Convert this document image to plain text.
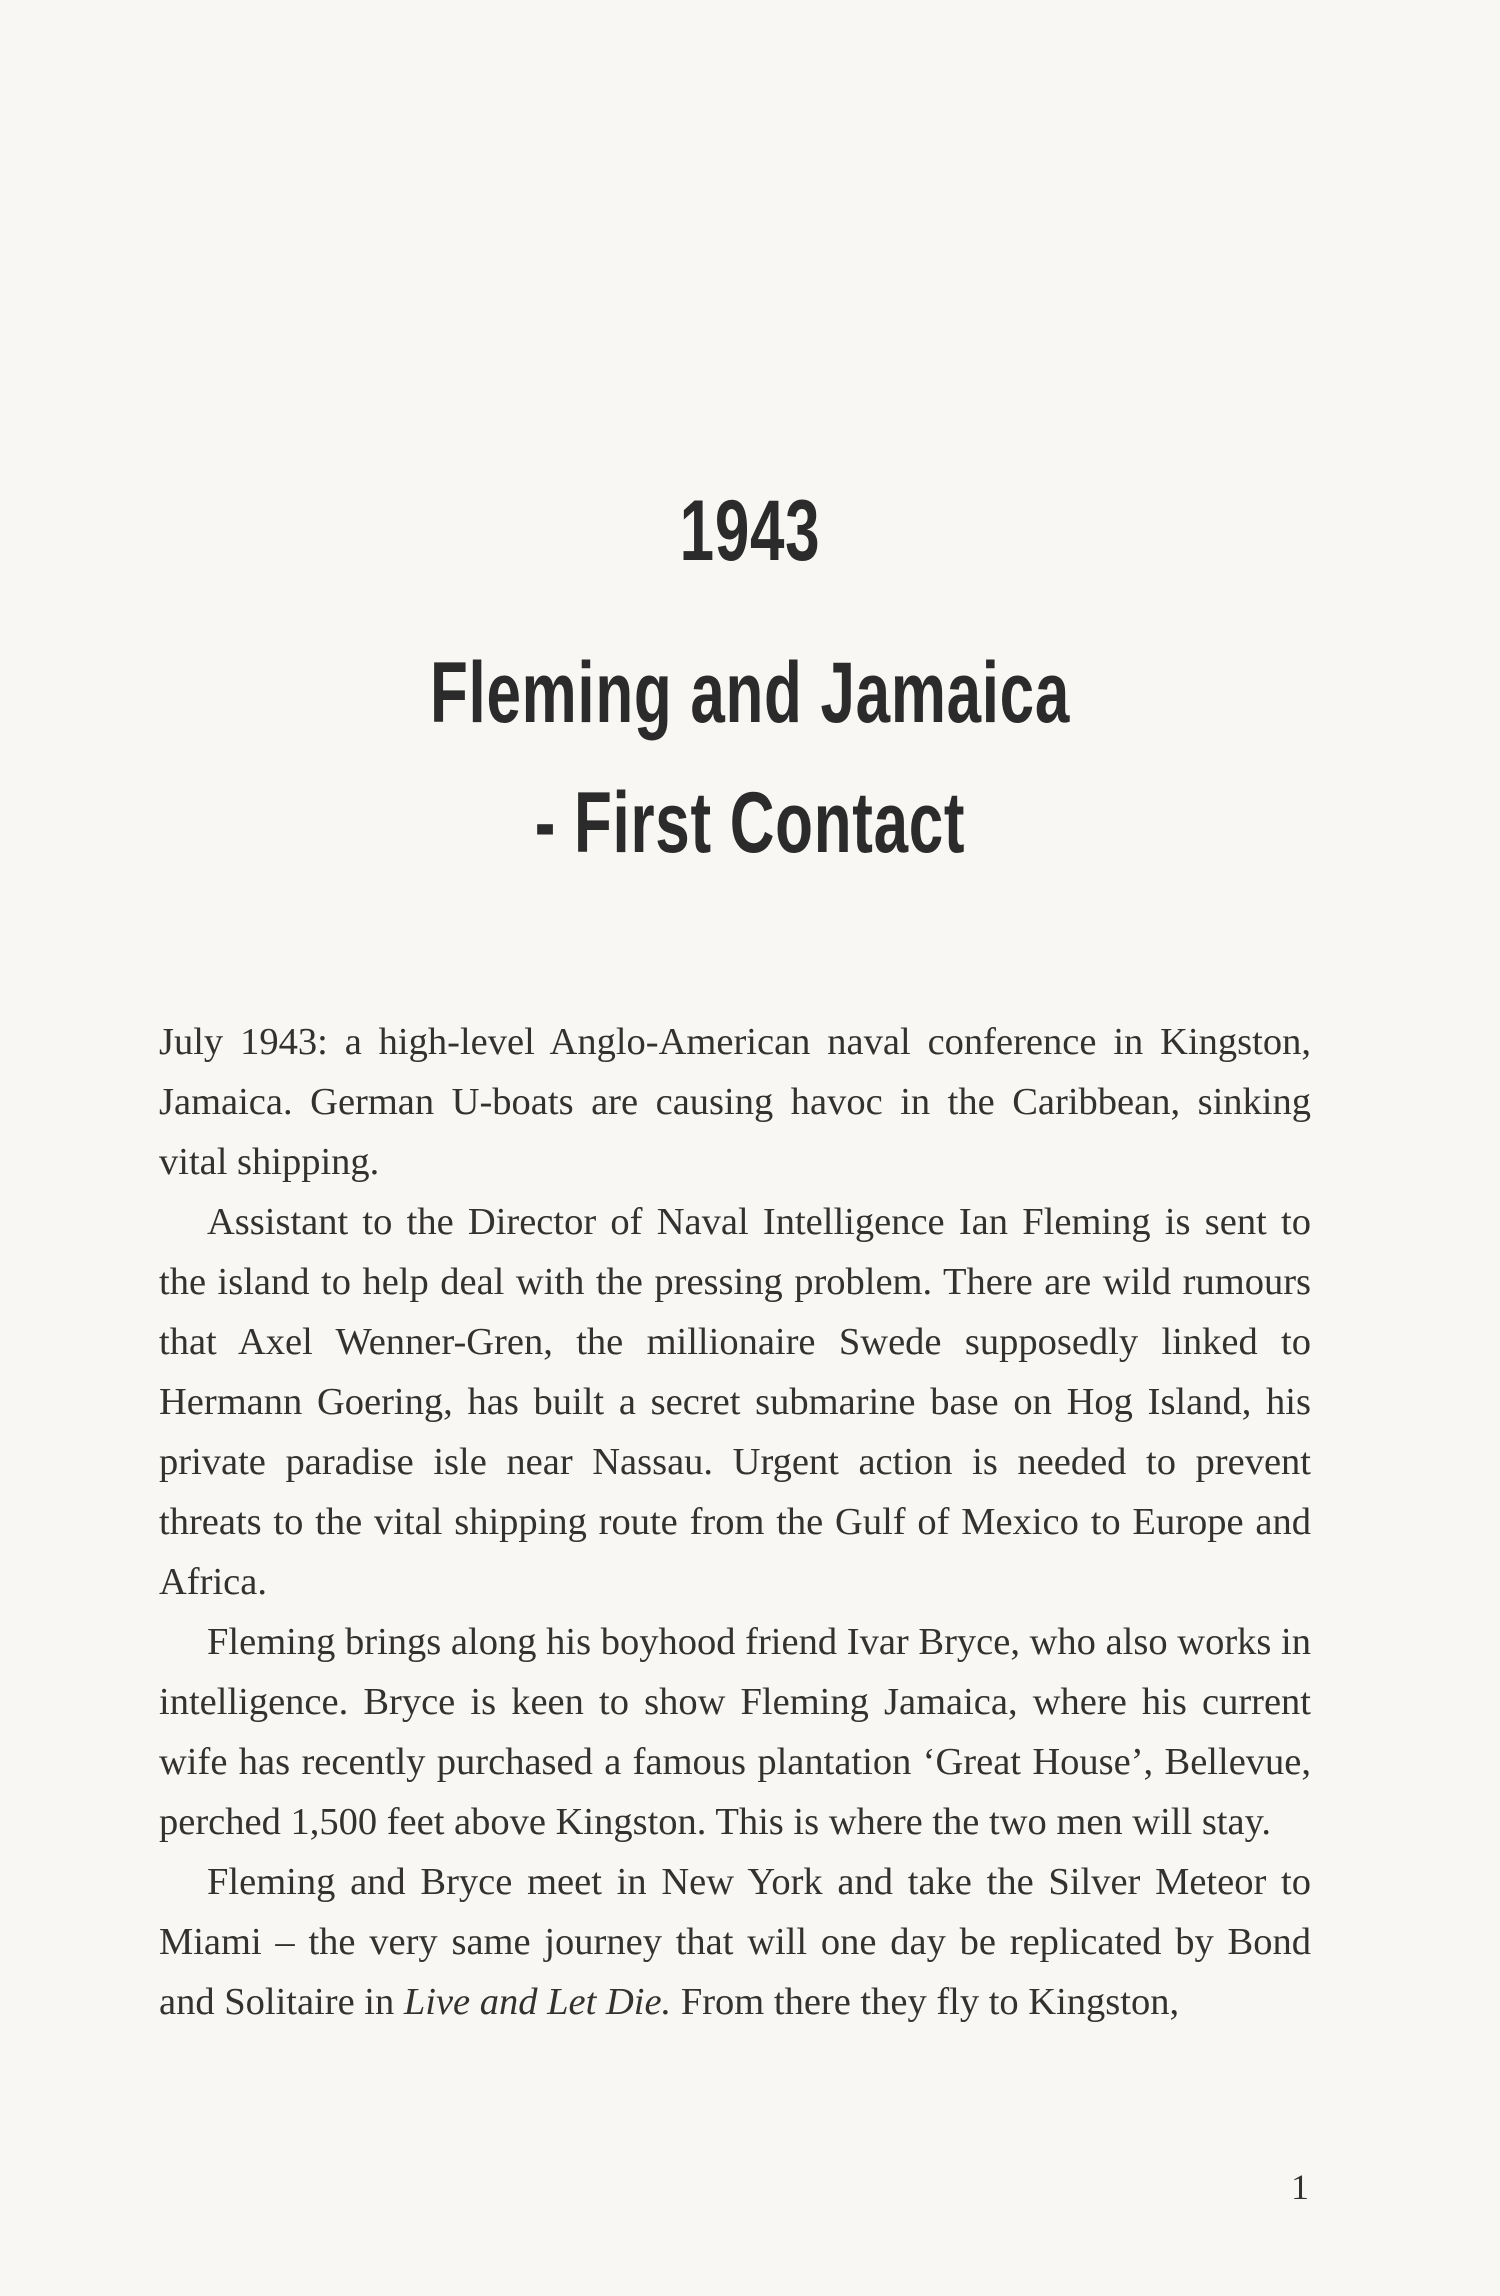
1943
Fleming and Jamaica
- First Contact

July 1943: a high-level Anglo-American naval conference in Kingston, Jamaica. German U-boats are causing havoc in the Caribbean, sinking vital shipping.

Assistant to the Director of Naval Intelligence Ian Fleming is sent to the island to help deal with the pressing problem. There are wild rumours that Axel Wenner-Gren, the millionaire Swede supposedly linked to Hermann Goering, has built a secret submarine base on Hog Island, his private paradise isle near Nassau. Urgent action is needed to prevent threats to the vital shipping route from the Gulf of Mexico to Europe and Africa.

Fleming brings along his boyhood friend Ivar Bryce, who also works in intelligence. Bryce is keen to show Fleming Jamaica, where his current wife has recently purchased a famous plantation ‘Great House’, Bellevue, perched 1,500 feet above Kingston. This is where the two men will stay.

Fleming and Bryce meet in New York and take the Silver Meteor to Miami – the very same journey that will one day be replicated by Bond and Solitaire in Live and Let Die. From there they fly to Kingston,

1
